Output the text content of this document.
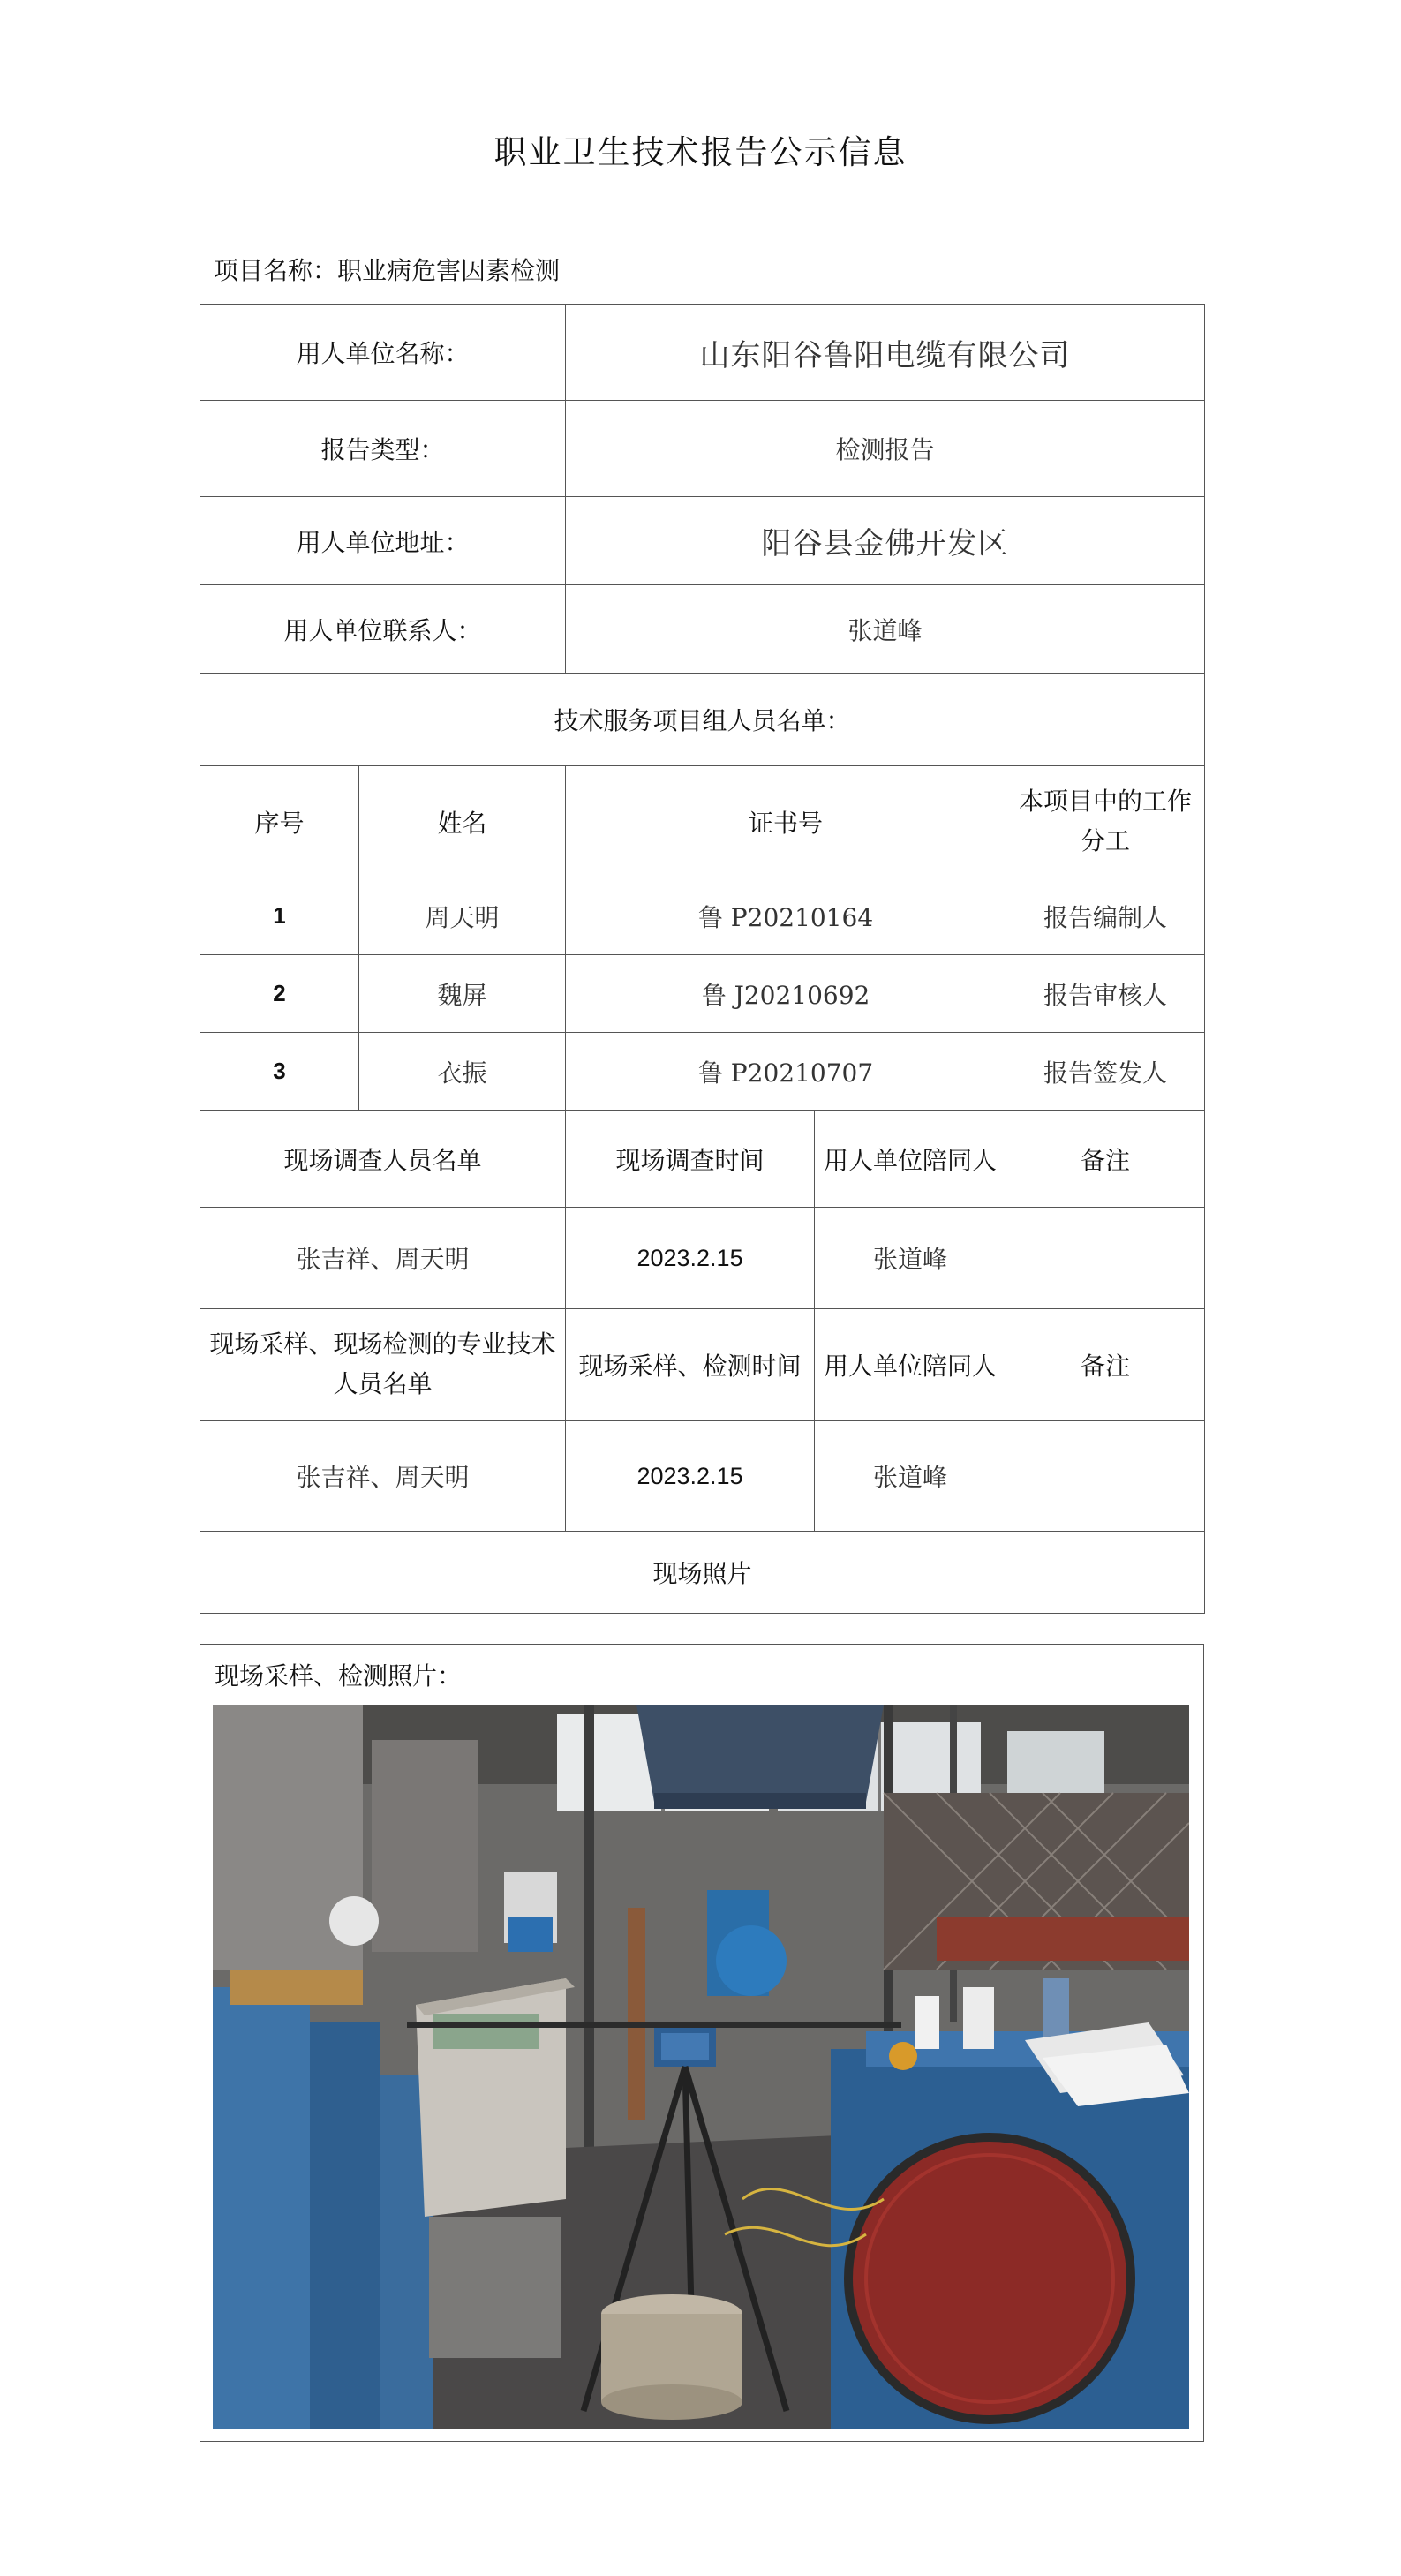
职业卫生技术报告公示信息
项目名称：职业病危害因素检测
用人单位名称：		山东阳谷鲁阳电缆有限公司		
报告类型：		检测报告		
用人单位地址：		阳谷县金佛开发区		
用人单位联系人：		张道峰		
技术服务项目组人员名单：				
序号	姓名	证书号		本项目中的工作分工
1	周天明	鲁 P20210164		报告编制人
2	魏屏	鲁 J20210692		报告审核人
3	衣振	鲁 P20210707		报告签发人
现场调查人员名单		现场调查时间	用人单位陪同人	备注
张吉祥、周天明		2023.2.15	张道峰	
现场采样、现场检测的专业技术人员名单		现场采样、检测时间	用人单位陪同人	备注
张吉祥、周天明		2023.2.15	张道峰	
现场照片				
现场采样、检测照片：
